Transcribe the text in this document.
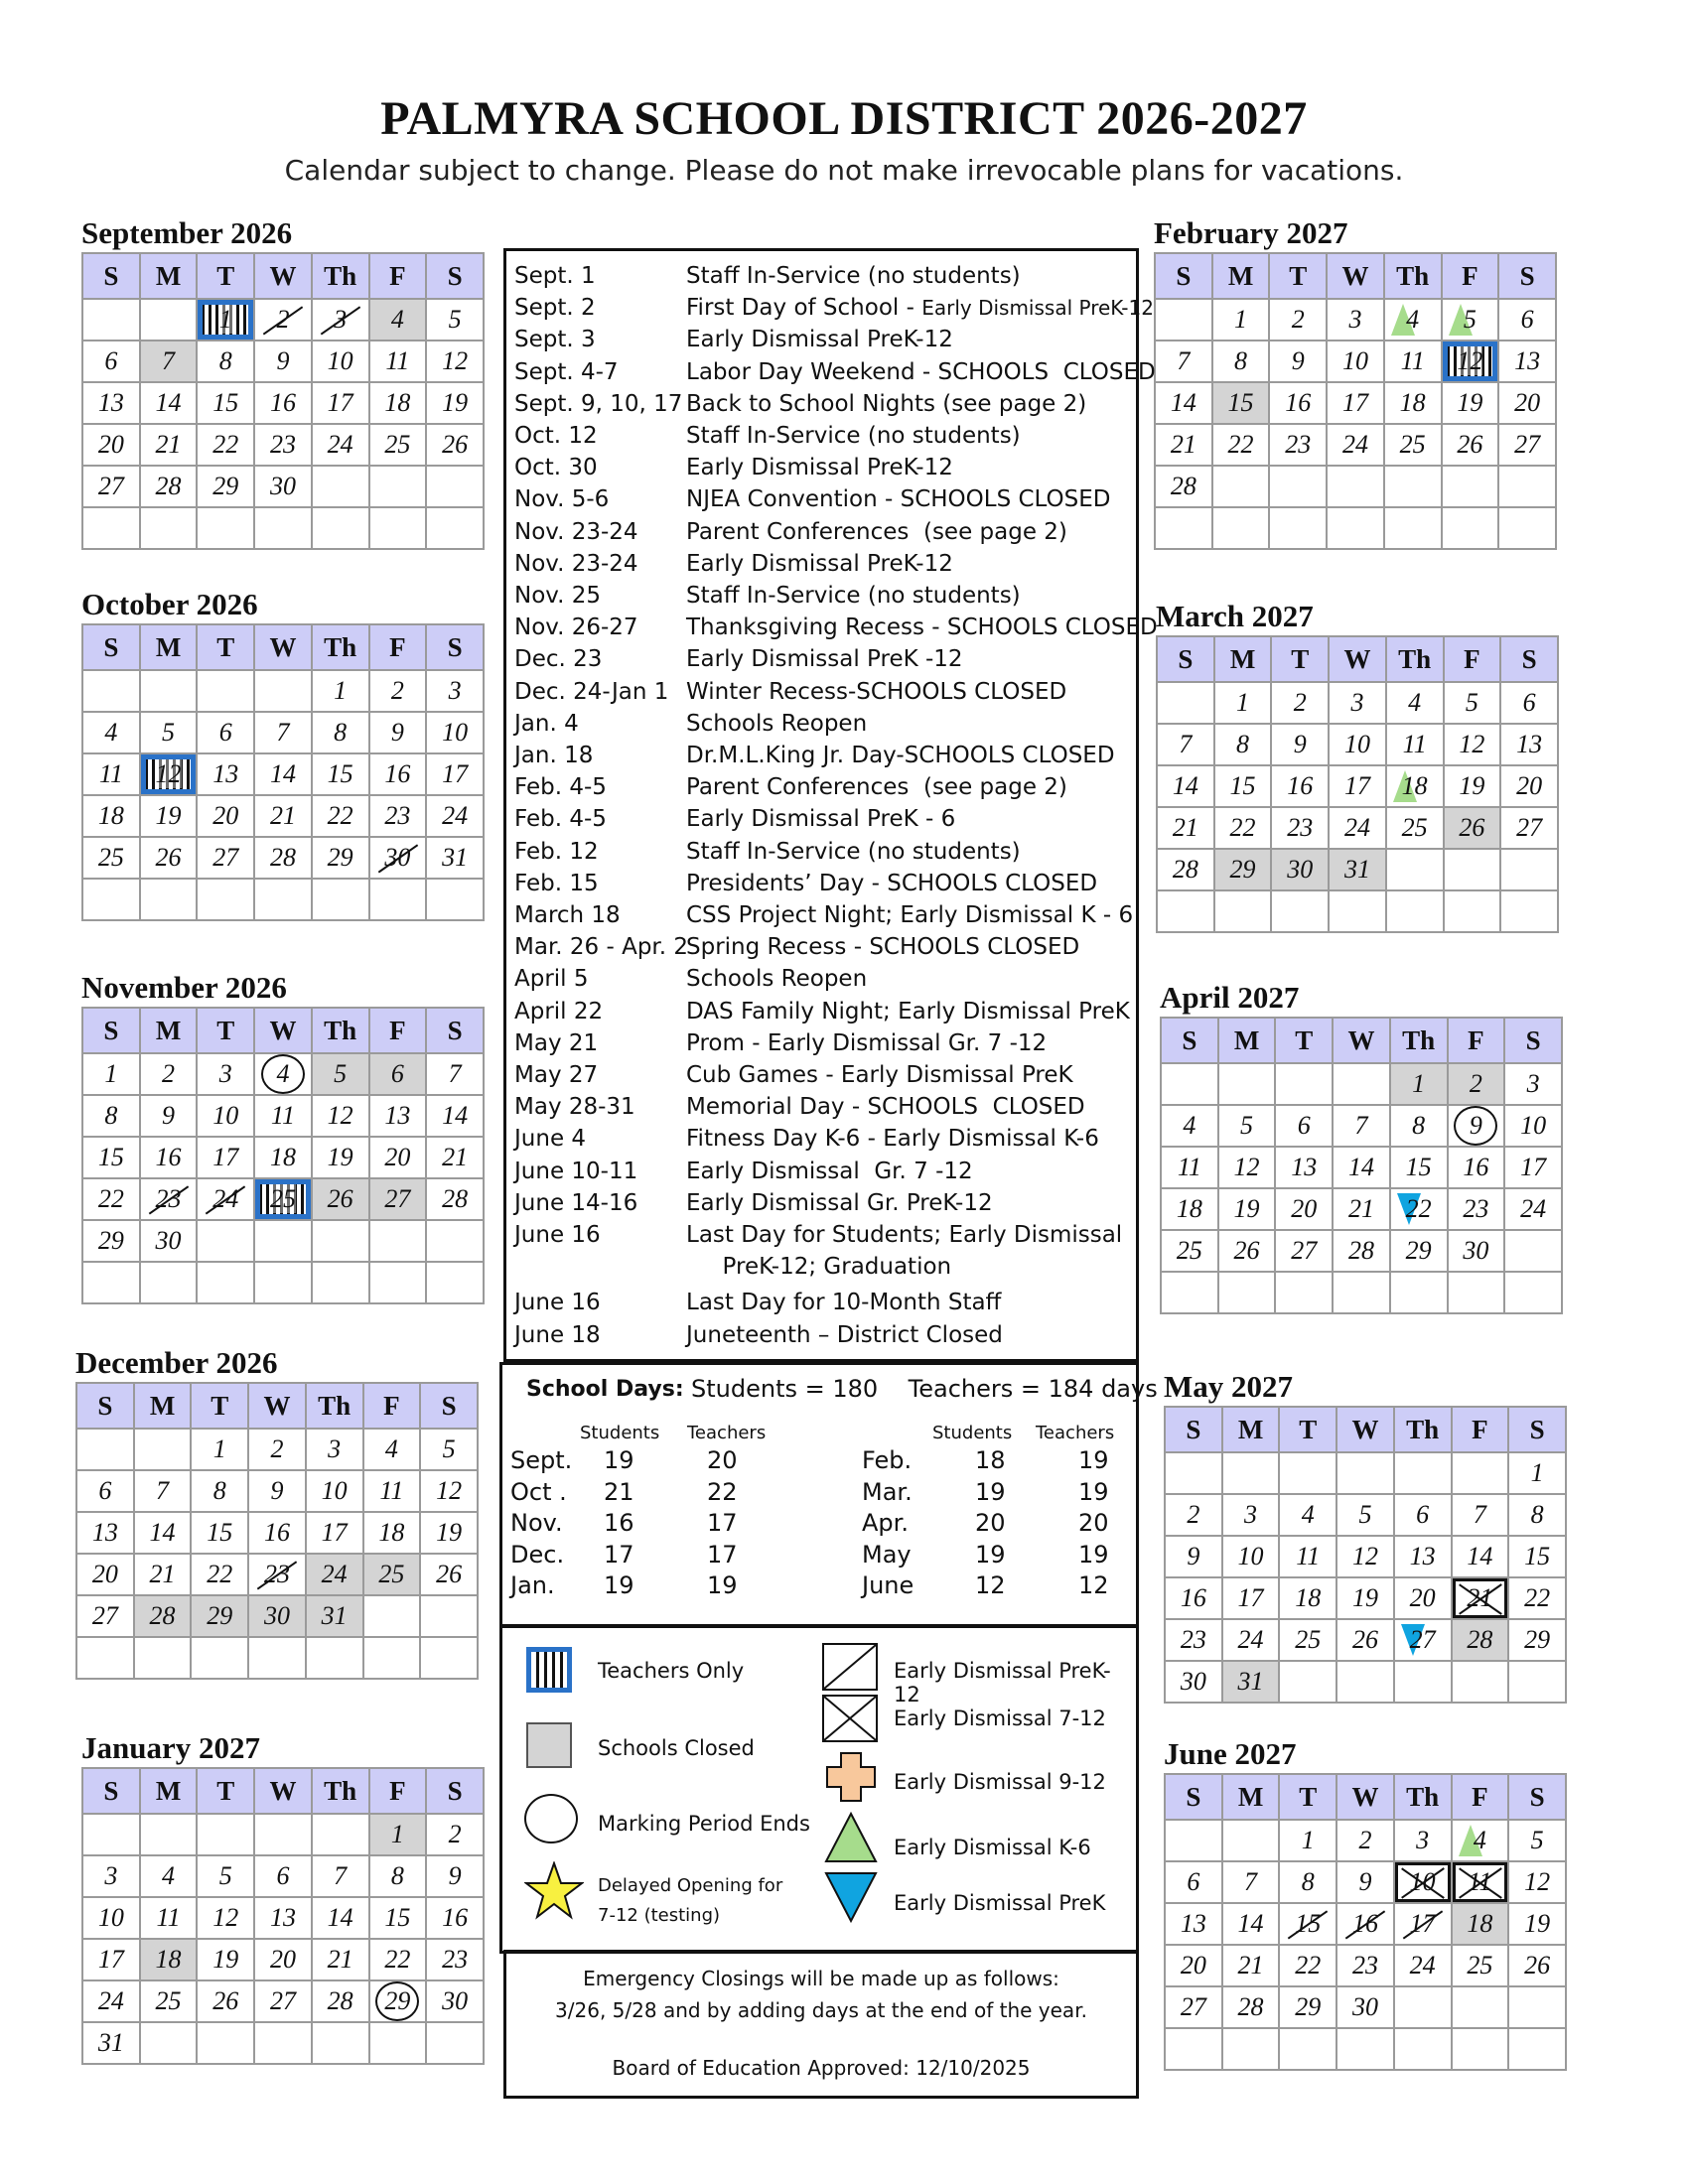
PALMYRA SCHOOL DISTRICT 2026-2027
Calendar subject to change. Please do not make irrevocable plans for vacations.
September 2026
S	M	T	W	Th	F	S
		1	2	3	4	5
6	7	8	9	10	11	12
13	14	15	16	17	18	19
20	21	22	23	24	25	26
27	28	29	30			

October 2026
S	M	T	W	Th	F	S
				1	2	3
4	5	6	7	8	9	10
11	12	13	14	15	16	17
18	19	20	21	22	23	24
25	26	27	28	29	30	31

November 2026
S	M	T	W	Th	F	S
1	2	3	4	5	6	7
8	9	10	11	12	13	14
15	16	17	18	19	20	21
22	23	24	25	26	27	28
29	30					

December 2026
S	M	T	W	Th	F	S
		1	2	3	4	5
6	7	8	9	10	11	12
13	14	15	16	17	18	19
20	21	22	23	24	25	26
27	28	29	30	31		

January 2027
S	M	T	W	Th	F	S
					1	2
3	4	5	6	7	8	9
10	11	12	13	14	15	16
17	18	19	20	21	22	23
24	25	26	27	28	29	30
31						
February 2027
S	M	T	W	Th	F	S
	1	2	3	4	5	6
7	8	9	10	11	12	13
14	15	16	17	18	19	20
21	22	23	24	25	26	27
28						

March 2027
S	M	T	W	Th	F	S
	1	2	3	4	5	6
7	8	9	10	11	12	13
14	15	16	17	18	19	20
21	22	23	24	25	26	27
28	29	30	31			

April 2027
S	M	T	W	Th	F	S
				1	2	3
4	5	6	7	8	9	10
11	12	13	14	15	16	17
18	19	20	21	22	23	24
25	26	27	28	29	30	

May 2027
S	M	T	W	Th	F	S
						1
2	3	4	5	6	7	8
9	10	11	12	13	14	15
16	17	18	19	20	21	22
23	24	25	26	27	28	29
30	31					
June 2027
S	M	T	W	Th	F	S
		1	2	3	4	5
6	7	8	9	10	11	12
13	14	15	16	17	18	19
20	21	22	23	24	25	26
27	28	29	30			

Sept. 1	Staff In-Service (no students)
Sept. 2	First Day of School - Early Dismissal PreK-12
Sept. 3	Early Dismissal PreK-12
Sept. 4-7	Labor Day Weekend - SCHOOLS  CLOSED
Sept. 9, 10, 17 Back to School Nights (see page 2)
Oct. 12	Staff In-Service (no students)
Oct. 30	Early Dismissal PreK-12
Nov. 5-6	NJEA Convention - SCHOOLS CLOSED
Nov. 23-24 Parent Conferences  (see page 2)
Nov. 23-24 Early Dismissal PreK-12
Nov. 25	Staff In-Service (no students)
Nov. 26-27 Thanksgiving Recess - SCHOOLS CLOSED
Dec. 23	Early Dismissal PreK -12
Dec. 24-Jan 1 Winter Recess-SCHOOLS CLOSED
Jan. 4	Schools Reopen
Jan. 18	Dr.M.L.King Jr. Day-SCHOOLS CLOSED
Feb. 4-5	Parent Conferences  (see page 2)
Feb. 4-5	Early Dismissal PreK - 6
Feb. 12	Staff In-Service (no students)
Feb. 15	Presidents’ Day - SCHOOLS CLOSED
March 18	CSS Project Night; Early Dismissal K - 6
Mar. 26 - Apr. 2Spring Recess - SCHOOLS CLOSED
April 5	Schools Reopen
April 22	DAS Family Night; Early Dismissal PreK
May 21	Prom - Early Dismissal Gr. 7 -12
May 27	Cub Games - Early Dismissal PreK
May 28-31 Memorial Day - SCHOOLS  CLOSED
June 4	Fitness Day K-6 - Early Dismissal K-6
June 10-11 Early Dismissal  Gr. 7 -12
June 14-16 Early Dismissal Gr. PreK-12
June 16	Last Day for Students; Early Dismissal
PreK-12; Graduation
June 16	Last Day for 10-Month Staff
June 18	Juneteenth – District Closed
School Days: Students = 180    Teachers = 184 days
Students Teachers	Students Teachers
Sept. 19	20
Oct . 21	22
Nov. 16	17
Dec. 17	17
Jan. 19	19
Feb.	18	19
Mar.	19	19
Apr.	20	20
May	19	19
June	12	12
Teachers Only
Schools Closed
Marking Period Ends
Delayed Opening for
7-12 (testing)
Early Dismissal PreK-12
Early Dismissal 7-12
Early Dismissal 9-12
Early Dismissal K-6
Early Dismissal PreK
Emergency Closings will be made up as follows:
3/26, 5/28 and by adding days at the end of the year.
Board of Education Approved: 12/10/2025
